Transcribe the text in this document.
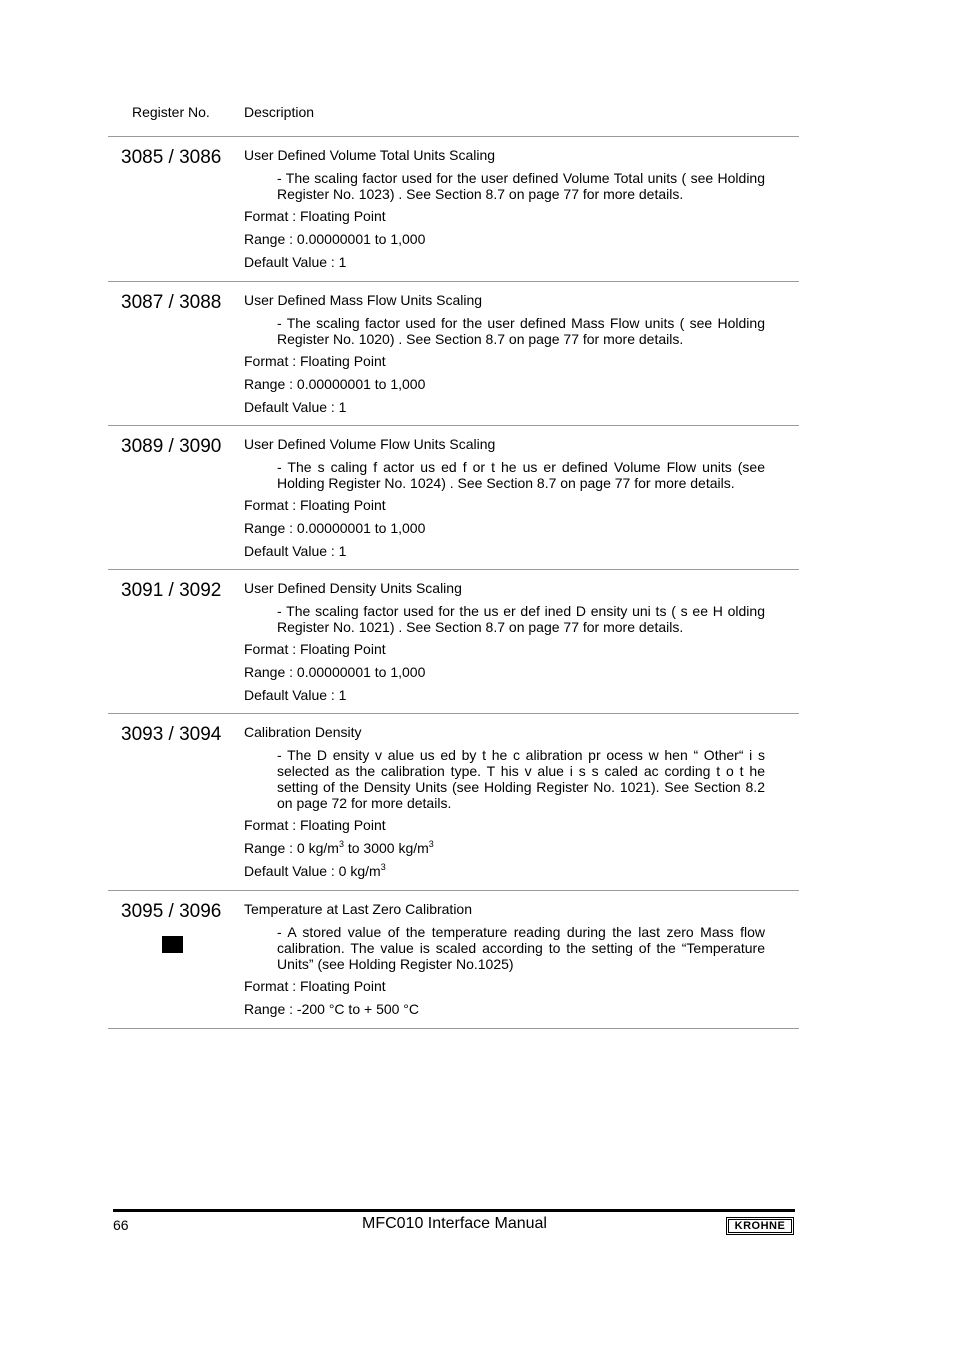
Register No. Description
3085 / 3086 User Defined Volume Total Units Scaling
- The scaling factor used for the user defined Volume Total units ( see Holding Register No. 1023) . See Section 8.7 on page 77 for more details.
Format : Floating Point
Range : 0.00000001 to 1,000
Default Value : 1
3087 / 3088 User Defined Mass Flow Units Scaling
- The scaling factor used for the user defined Mass Flow units ( see Holding Register No. 1020) . See Section 8.7 on page 77 for more details.
Format : Floating Point
Range : 0.00000001 to 1,000
Default Value : 1
3089 / 3090 User Defined Volume Flow Units Scaling
- The s caling f actor us ed f or t he us er defined Volume Flow units (see Holding Register No. 1024) . See Section 8.7 on page 77 for more details.
Format : Floating Point
Range : 0.00000001 to 1,000
Default Value : 1
3091 / 3092 User Defined Density Units Scaling
- The scaling factor used for the us er def ined D ensity uni ts ( s ee H olding Register No. 1021) . See Section 8.7 on page 77 for more details.
Format : Floating Point
Range : 0.00000001 to 1,000
Default Value : 1
3093 / 3094 Calibration Density
- The D ensity v alue us ed by t he c alibration pr ocess w hen “ Other“ i s selected as the calibration type. T his v alue i s s caled ac cording t o t he setting of the Density Units (see Holding Register No. 1021). See Section 8.2 on page 72 for more details.
Format : Floating Point
Range : 0 $kg/m^3$ to 3000 $kg/m^3$
Default Value : 0 $kg/m^3$
3095 / 3096 Temperature at Last Zero Calibration
- A stored value of the temperature reading during the last zero Mass flow calibration. The value is scaled according to the setting of the “Temperature Units” (see Holding Register No.1025)
Format : Floating Point
Range : -200 °C to + 500 °C
66	MFC010 Interface Manual	KROHNE
